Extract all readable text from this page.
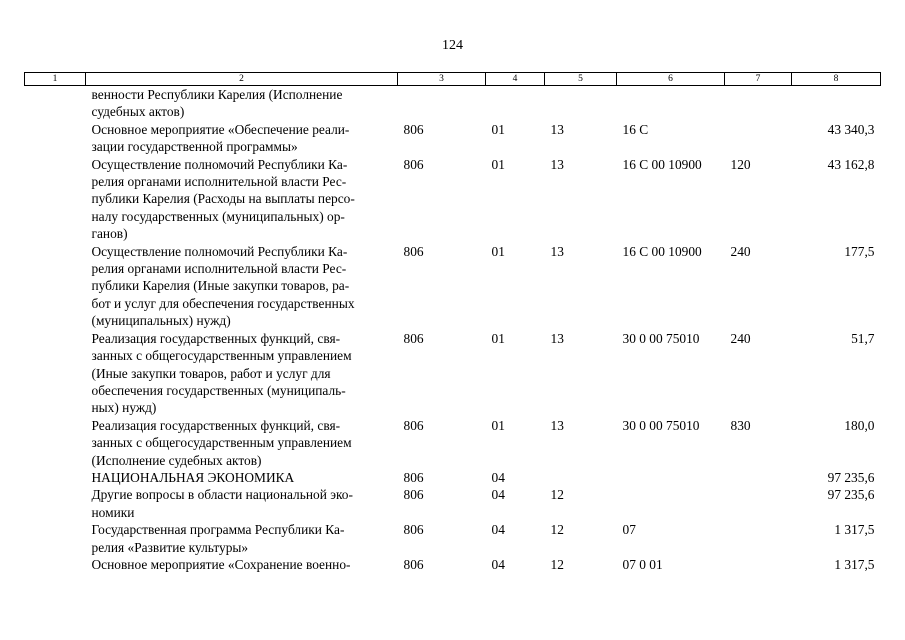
124
1	2	3	4	5	6	7	8

	венности Республики Карелия (Исполнение
судебных актов)						

	Основное мероприятие «Обеспечение реали-
зации государственной программы»	806	01	13	16 С		43 340,3

	Осуществление полномочий Республики Ка-
релия органами исполнительной власти Рес-
публики Карелия (Расходы на выплаты персо-
налу государственных (муниципальных) ор-
ганов)	806	01	13	16 С 00 10900	120	43 162,8

	Осуществление полномочий Республики Ка-
релия органами исполнительной власти Рес-
публики Карелия (Иные закупки товаров, ра-
бот и услуг для обеспечения государственных
(муниципальных) нужд)	806	01	13	16 С 00 10900	240	177,5

	Реализация государственных функций, свя-
занных с общегосударственным управлением
(Иные закупки товаров, работ и услуг для
обеспечения государственных (муниципаль-
ных) нужд)	806	01	13	30 0 00 75010	240	51,7

	Реализация государственных функций, свя-
занных с общегосударственным управлением
(Исполнение судебных актов)	806	01	13	30 0 00 75010	830	180,0

	НАЦИОНАЛЬНАЯ ЭКОНОМИКА	806	04				97 235,6

	Другие вопросы в области национальной эко-
номики	806	04	12			97 235,6

	Государственная программа Республики Ка-
релия «Развитие культуры»	806	04	12	07		1 317,5

	Основное мероприятие «Сохранение военно-	806	04	12	07 0 01		1 317,5
